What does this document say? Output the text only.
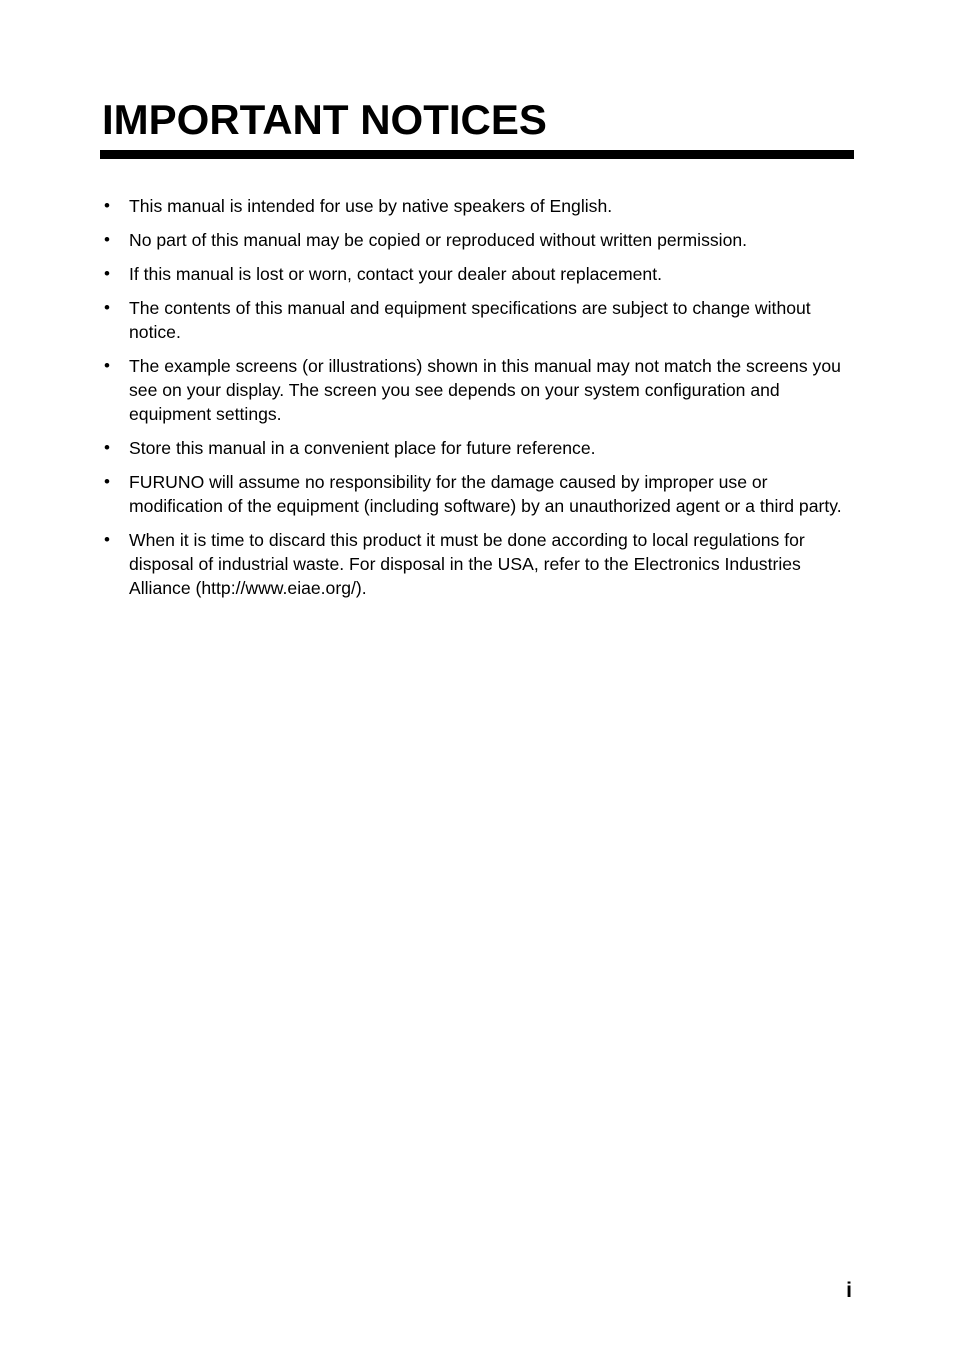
IMPORTANT NOTICES
• This manual is intended for use by native speakers of English.
• No part of this manual may be copied or reproduced without written permission.
• If this manual is lost or worn, contact your dealer about replacement.
• The contents of this manual and equipment specifications are subject to change without notice.
• The example screens (or illustrations) shown in this manual may not match the screens you see on your display. The screen you see depends on your system configuration and equipment settings.
• Store this manual in a convenient place for future reference.
• FURUNO will assume no responsibility for the damage caused by improper use or modification of the equipment (including software) by an unauthorized agent or a third party.
• When it is time to discard this product it must be done according to local regulations for disposal of industrial waste. For disposal in the USA, refer to the Electronics Industries Alliance (http://www.eiae.org/).
i
